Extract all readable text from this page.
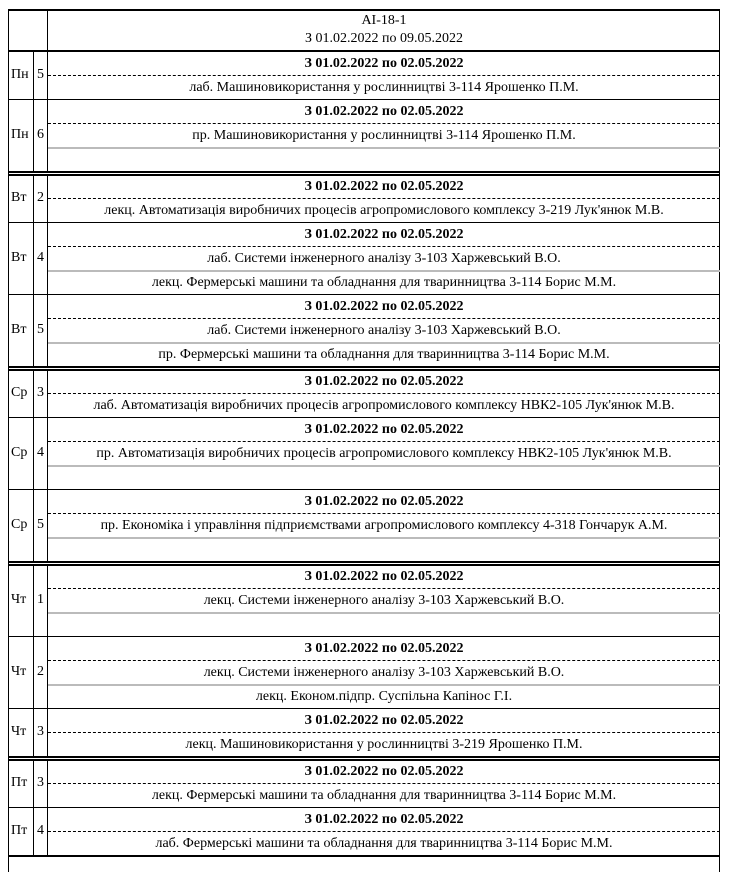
АІ-18-1
З 01.02.2022 по 09.05.2022
Пн 5
З 01.02.2022 по 02.05.2022
лаб. Машиновикористання у рослинництві 3-114 Ярошенко П.М.
Пн 6
З 01.02.2022 по 02.05.2022
пр. Машиновикористання у рослинництві 3-114 Ярошенко П.М.
Вт 2
З 01.02.2022 по 02.05.2022
лекц. Автоматизація виробничих процесів агропромислового комплексу 3-219 Лук'янюк М.В.
Вт 4
З 01.02.2022 по 02.05.2022
лаб. Системи інженерного аналізу 3-103 Харжевський В.О.
лекц. Фермерські машини та обладнання для тваринництва 3-114 Борис М.М.
Вт 5
З 01.02.2022 по 02.05.2022
лаб. Системи інженерного аналізу 3-103 Харжевський В.О.
пр. Фермерські машини та обладнання для тваринництва 3-114 Борис М.М.
Ср 3
З 01.02.2022 по 02.05.2022
лаб. Автоматизація виробничих процесів агропромислового комплексу НВК2-105 Лук'янюк М.В.
Ср 4
З 01.02.2022 по 02.05.2022
пр. Автоматизація виробничих процесів агропромислового комплексу НВК2-105 Лук'янюк М.В.
Ср 5
З 01.02.2022 по 02.05.2022
пр. Економіка і управління підприємствами агропромислового комплексу 4-318 Гончарук А.М.
Чт 1
З 01.02.2022 по 02.05.2022
лекц. Системи інженерного аналізу 3-103 Харжевський В.О.
Чт 2
З 01.02.2022 по 02.05.2022
лекц. Системи інженерного аналізу 3-103 Харжевський В.О.
лекц. Економ.підпр. Суспільна Капінос Г.І.
Чт 3
З 01.02.2022 по 02.05.2022
лекц. Машиновикористання у рослинництві 3-219 Ярошенко П.М.
Пт 3
З 01.02.2022 по 02.05.2022
лекц. Фермерські машини та обладнання для тваринництва 3-114 Борис М.М.
Пт 4
З 01.02.2022 по 02.05.2022
лаб. Фермерські машини та обладнання для тваринництва 3-114 Борис М.М.
